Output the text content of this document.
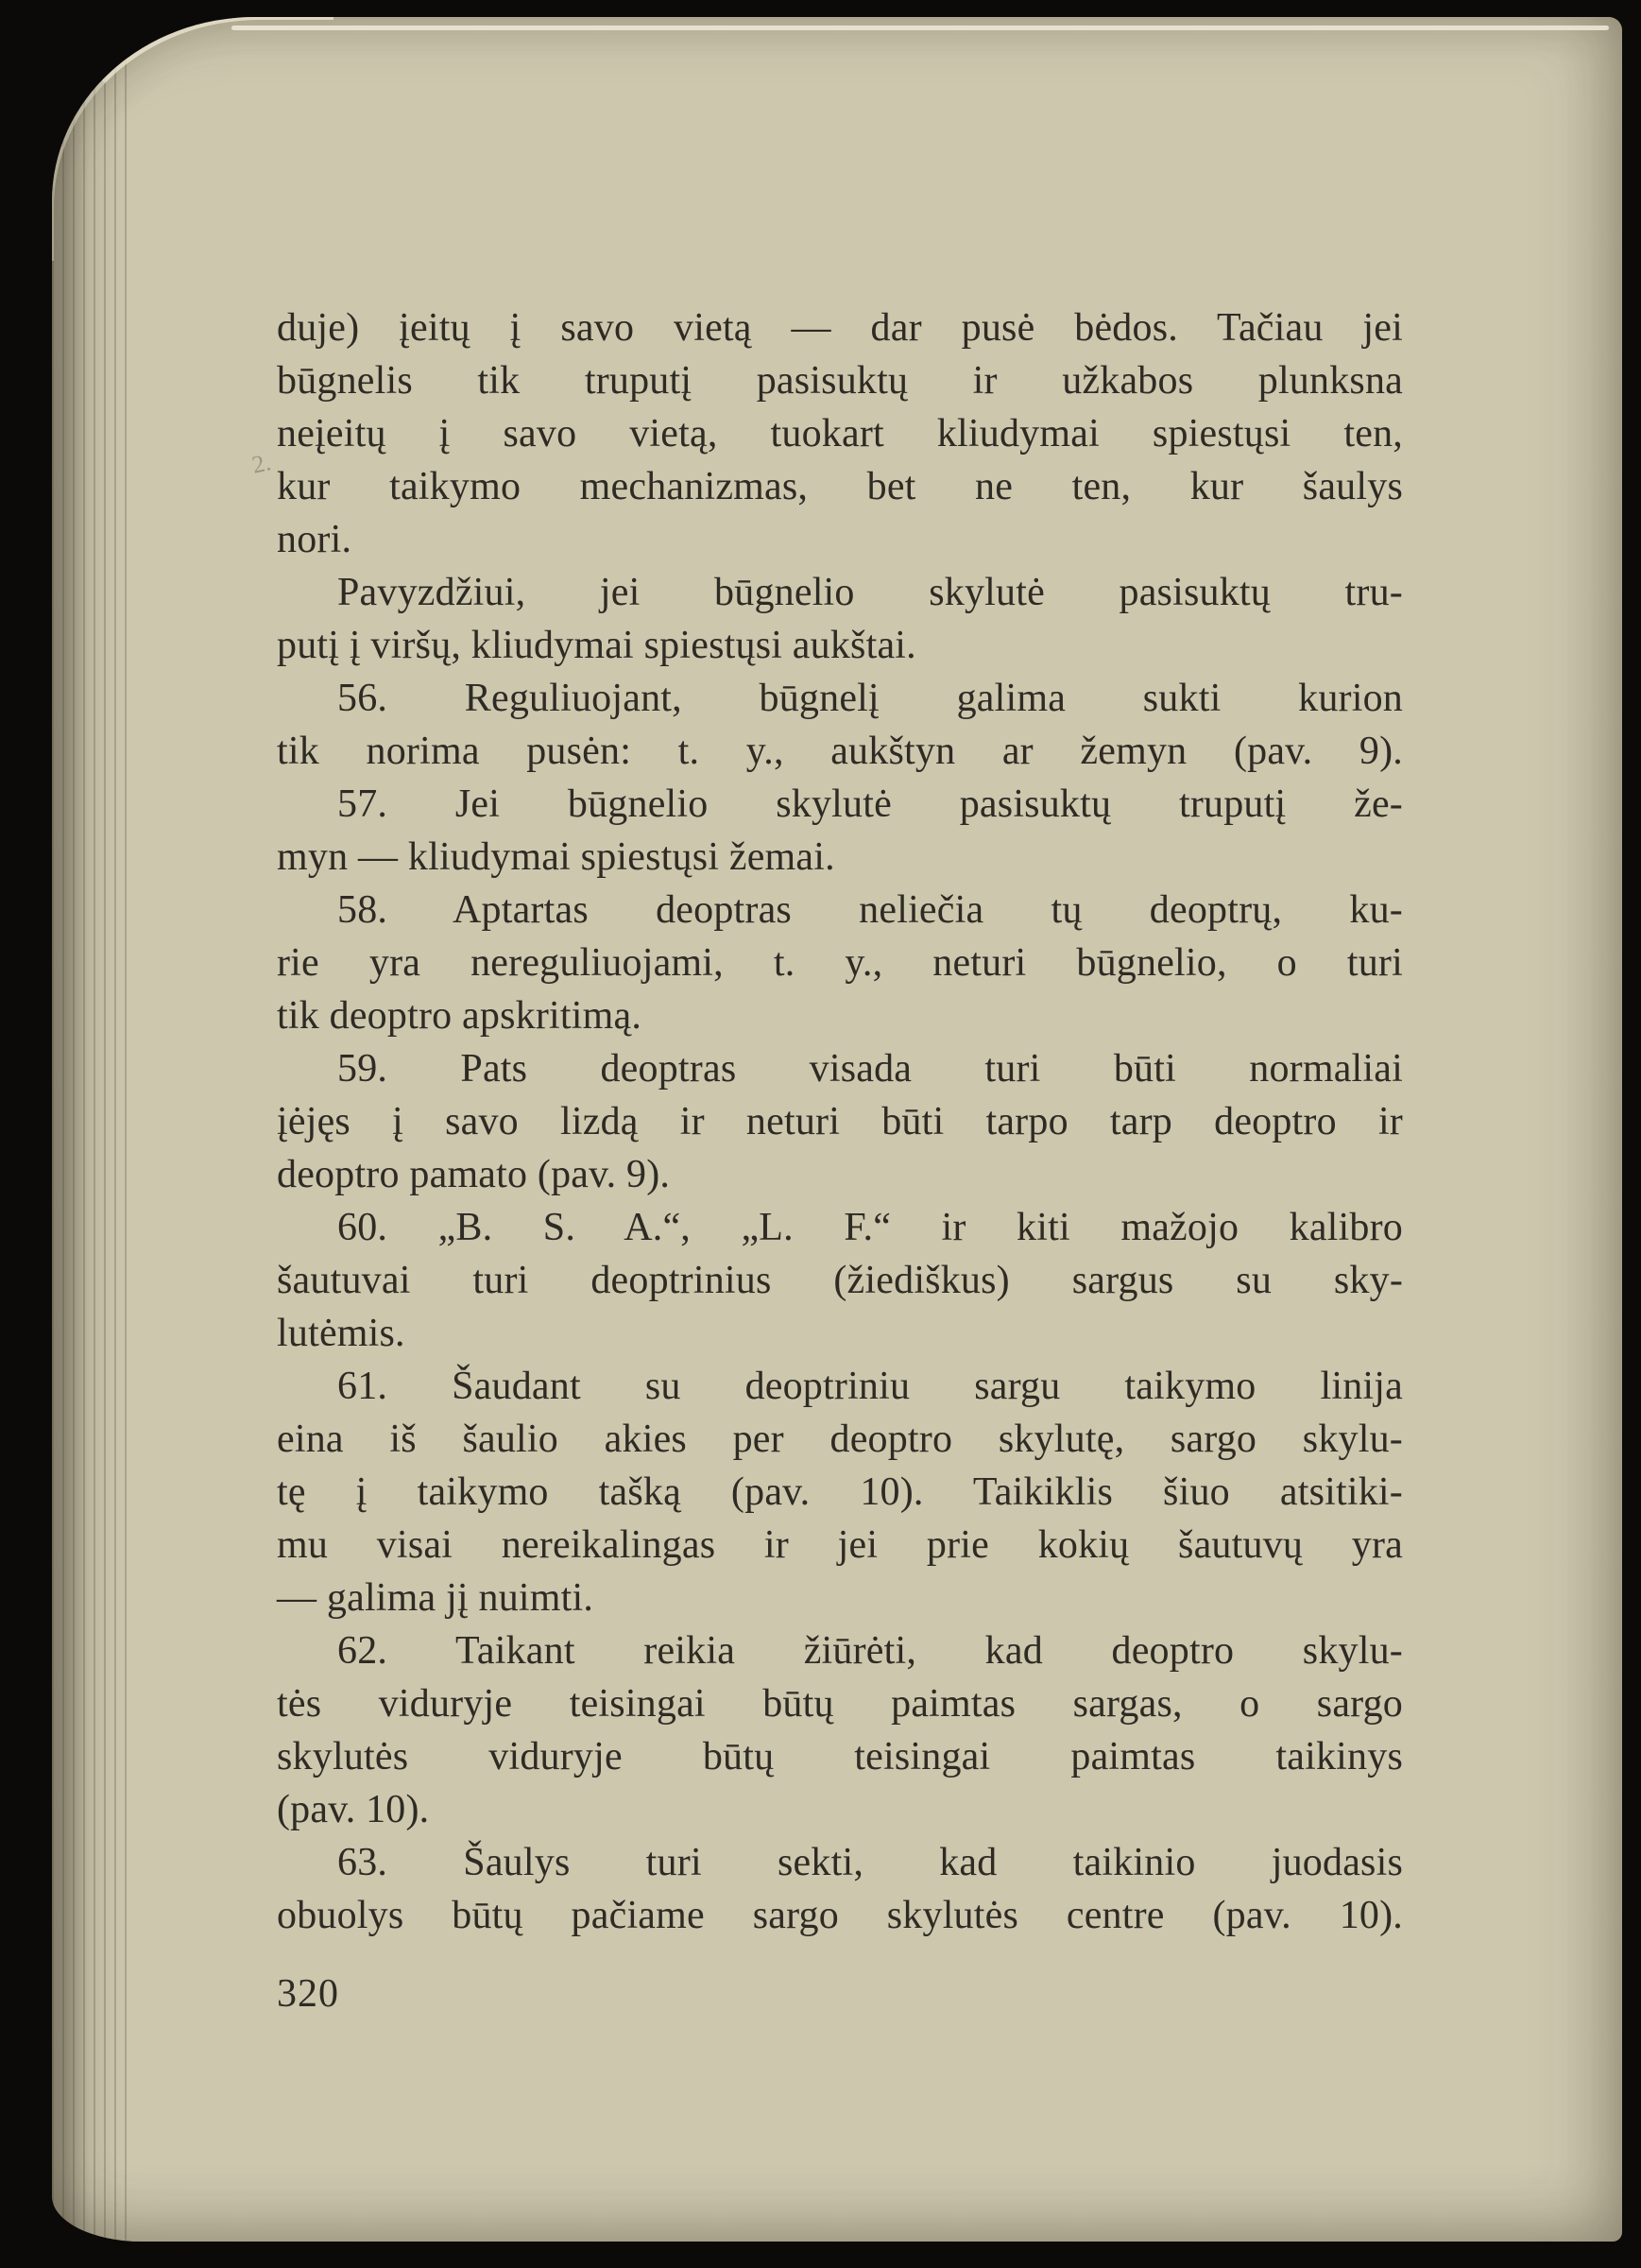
2.
duje) įeitų į savo vietą — dar pusė bėdos. Tačiau jei
būgnelis tik truputį pasisuktų ir užkabos plunksna
neįeitų į savo vietą, tuokart kliudymai spiestųsi ten,
kur taikymo mechanizmas, bet ne ten, kur šaulys
nori.
Pavyzdžiui, jei būgnelio skylutė pasisuktų tru-
putį į viršų, kliudymai spiestųsi aukštai.
56. Reguliuojant, būgnelį galima sukti kurion
tik norima pusėn: t. y., aukštyn ar žemyn (pav. 9).
57. Jei būgnelio skylutė pasisuktų truputį že-
myn — kliudymai spiestųsi žemai.
58. Aptartas deoptras neliečia tų deoptrų, ku-
rie yra nereguliuojami, t. y., neturi būgnelio, o turi
tik deoptro apskritimą.
59. Pats deoptras visada turi būti normaliai
įėjęs į savo lizdą ir neturi būti tarpo tarp deoptro ir
deoptro pamato (pav. 9).
60. „B. S. A.“, „L. F.“ ir kiti mažojo kalibro
šautuvai turi deoptrinius (žiediškus) sargus su sky-
lutėmis.
61. Šaudant su deoptriniu sargu taikymo linija
eina iš šaulio akies per deoptro skylutę, sargo skylu-
tę į taikymo tašką (pav. 10). Taikiklis šiuo atsitiki-
mu visai nereikalingas ir jei prie kokių šautuvų yra
— galima jį nuimti.
62. Taikant reikia žiūrėti, kad deoptro skylu-
tės viduryje teisingai būtų paimtas sargas, o sargo
skylutės viduryje būtų teisingai paimtas taikinys
(pav. 10).
63. Šaulys turi sekti, kad taikinio juodasis
obuolys būtų pačiame sargo skylutės centre (pav. 10).
320
